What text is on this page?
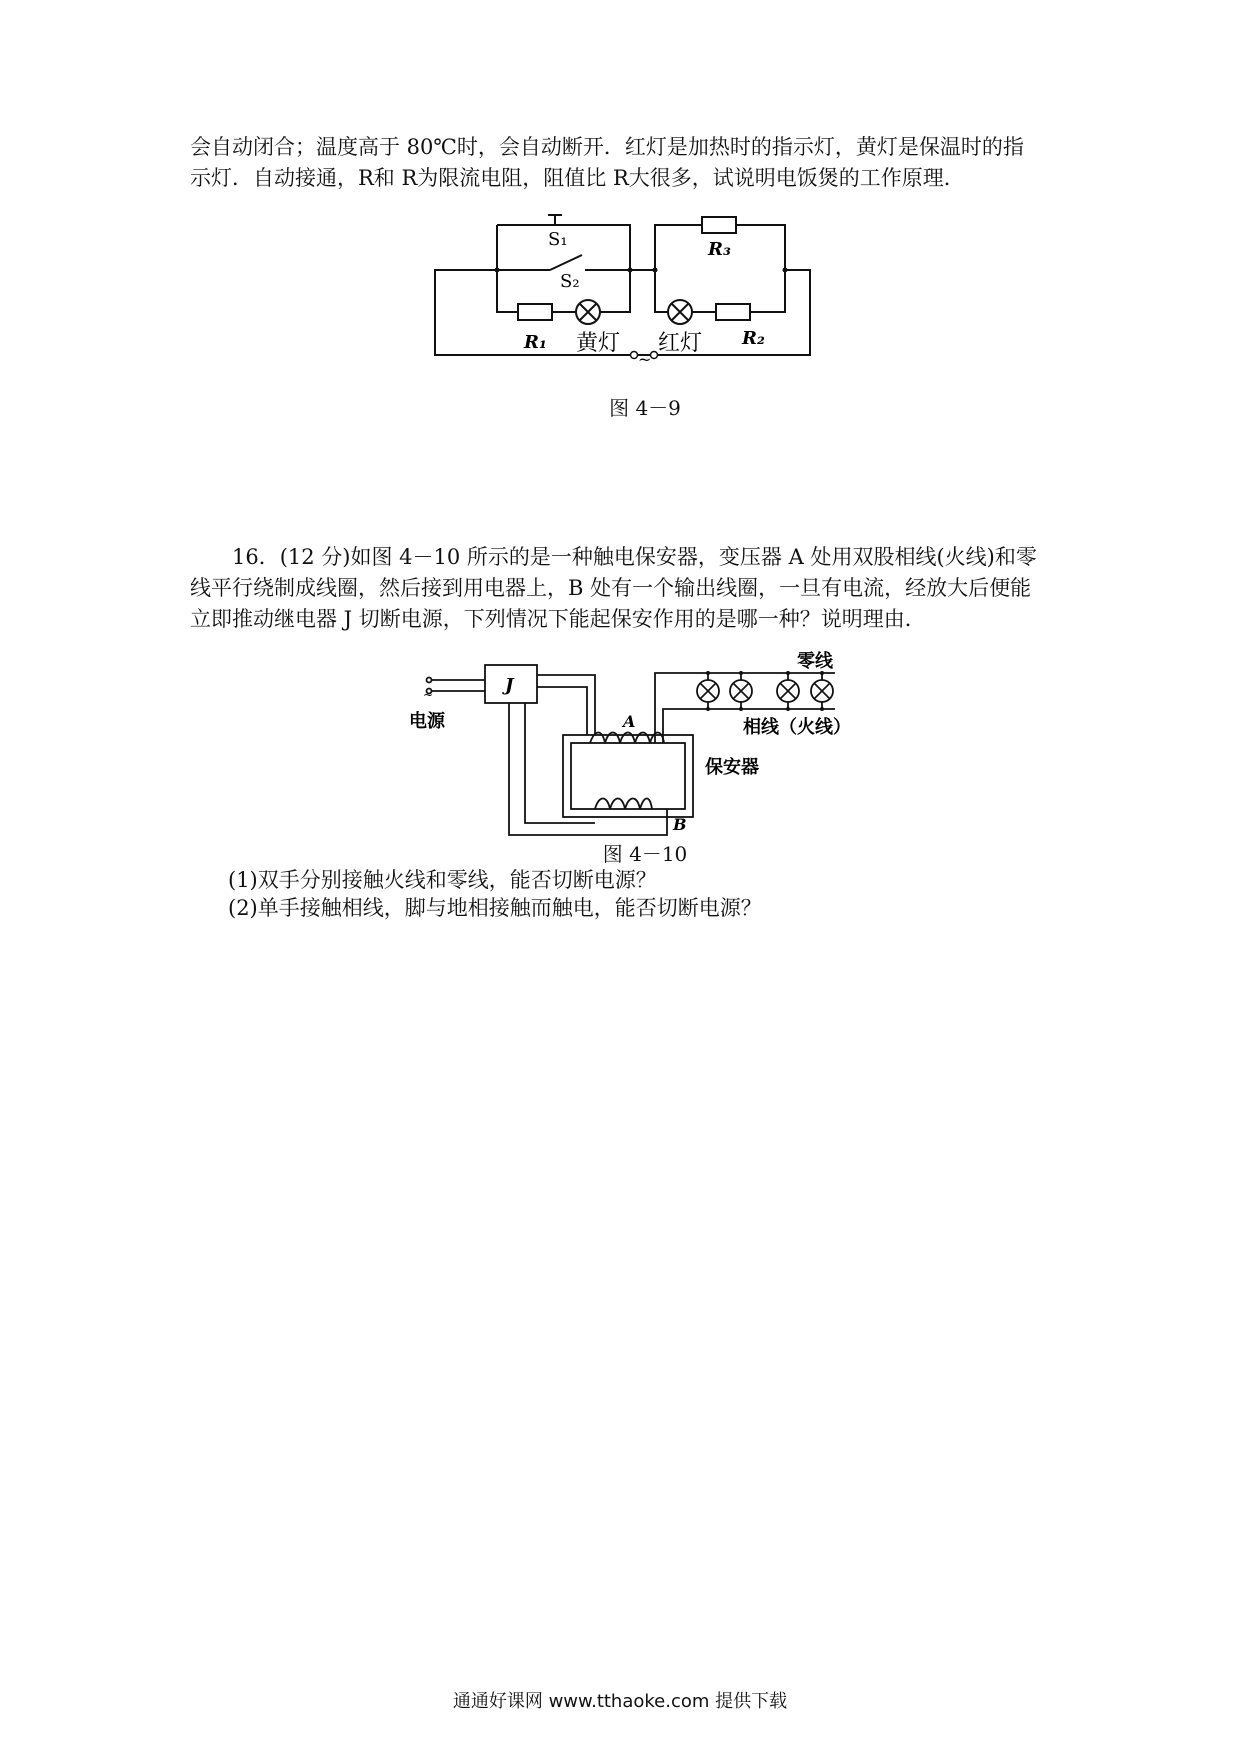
会自动闭合；温度高于 80℃时，会自动断开．红灯是加热时的指示灯，黄灯是保温时的指

示灯．自动接通，R和 R为限流电阻，阻值比 R大很多，试说明电饭煲的工作原理．

S₁
S₂
R₃
R₁ 黄灯 红灯 R₂
~
图 4－9

16．(12 分)如图 4－10 所示的是一种触电保安器，变压器 A 处用双股相线(火线)和零

线平行绕制成线圈，然后接到用电器上，B 处有一个输出线圈，一旦有电流，经放大后便能

立即推动继电器 J 切断电源，下列情况下能起保安作用的是哪一种？说明理由．

~
电源
J
A
B
零线
相线（火线）
保安器
图 4－10
(1)双手分别接触火线和零线，能否切断电源？
(2)单手接触相线，脚与地相接触而触电，能否切断电源？
通通好课网 www.tthaoke.com 提供下载
